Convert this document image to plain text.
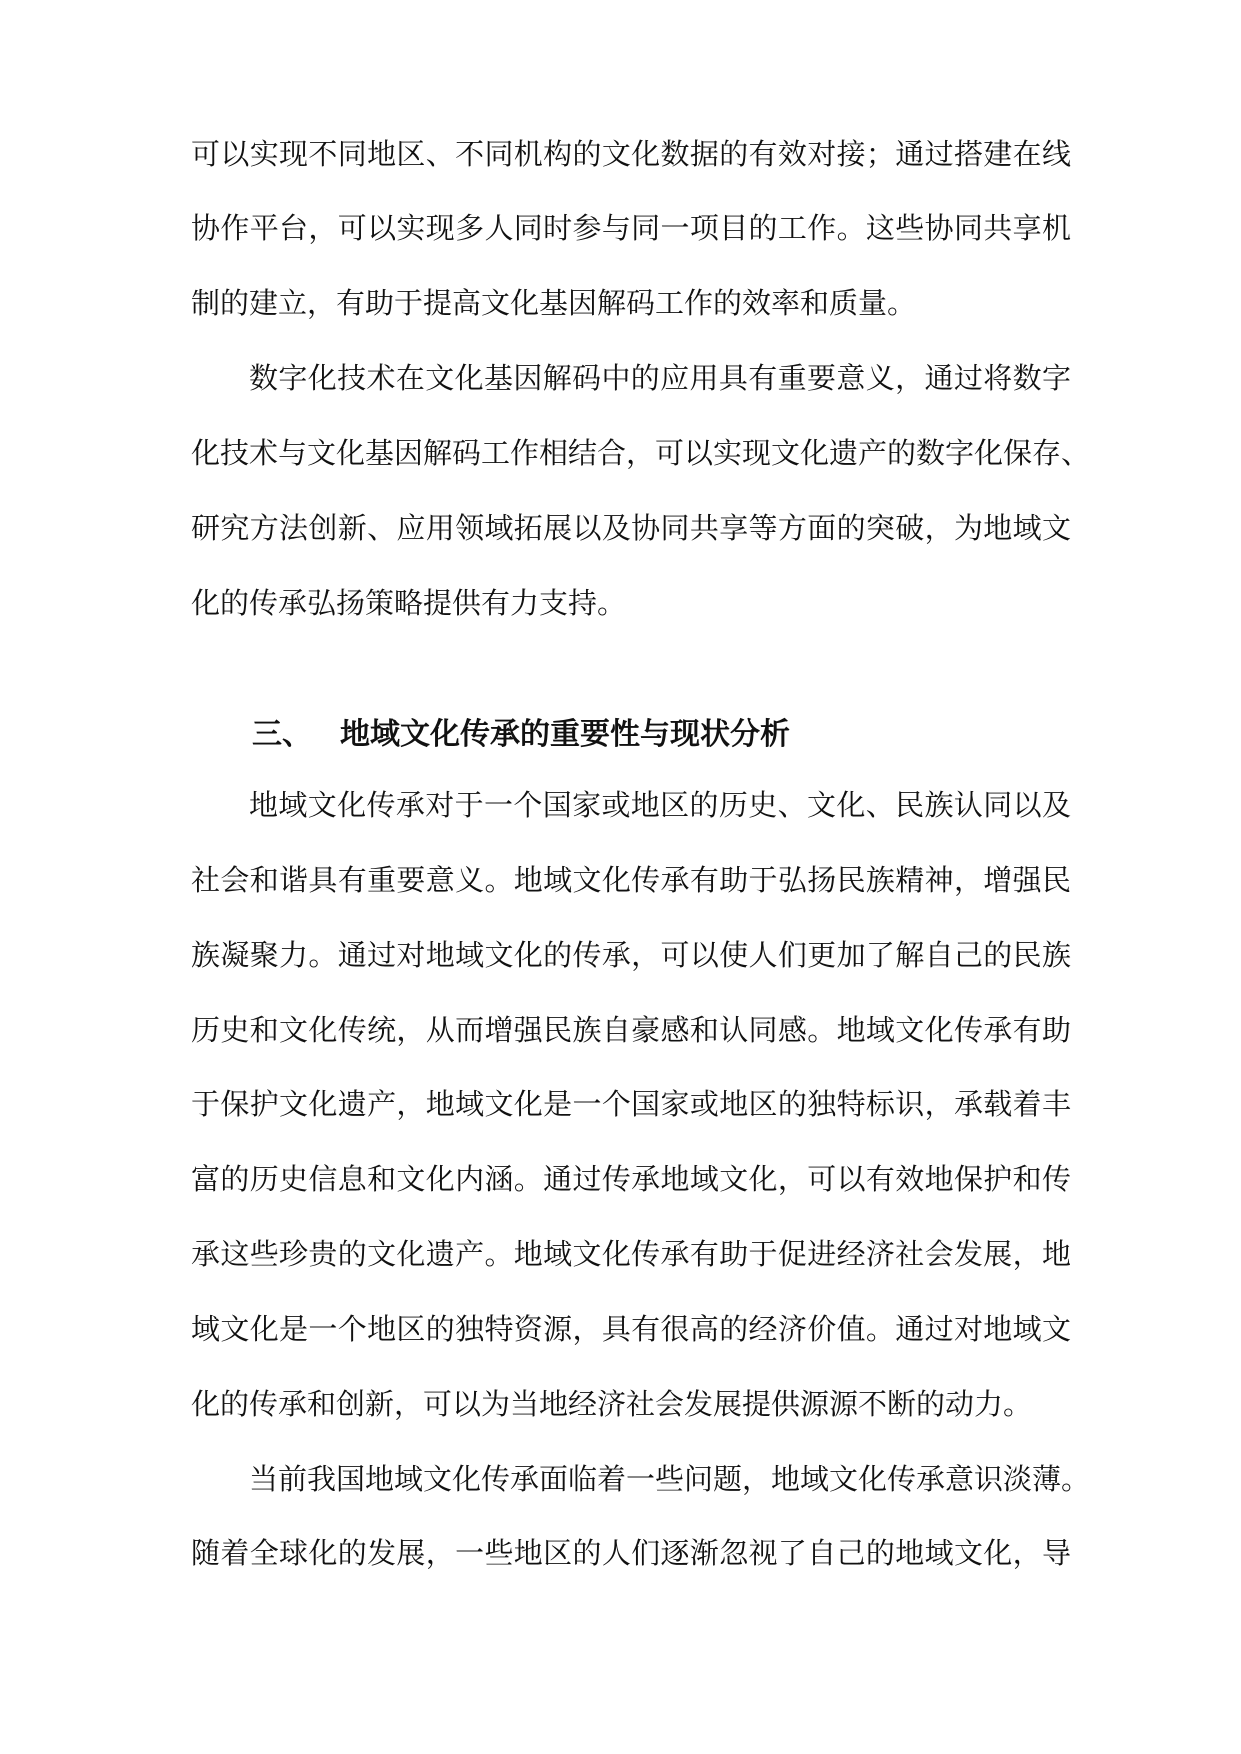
可以实现不同地区、不同机构的文化数据的有效对接；通过搭建在线
协作平台，可以实现多人同时参与同一项目的工作。这些协同共享机
制的建立，有助于提高文化基因解码工作的效率和质量。
数字化技术在文化基因解码中的应用具有重要意义，通过将数字
化技术与文化基因解码工作相结合，可以实现文化遗产的数字化保存、
研究方法创新、应用领域拓展以及协同共享等方面的突破，为地域文
化的传承弘扬策略提供有力支持。
三、 地域文化传承的重要性与现状分析
地域文化传承对于一个国家或地区的历史、文化、民族认同以及
社会和谐具有重要意义。地域文化传承有助于弘扬民族精神，增强民
族凝聚力。通过对地域文化的传承，可以使人们更加了解自己的民族
历史和文化传统，从而增强民族自豪感和认同感。地域文化传承有助
于保护文化遗产，地域文化是一个国家或地区的独特标识，承载着丰
富的历史信息和文化内涵。通过传承地域文化，可以有效地保护和传
承这些珍贵的文化遗产。地域文化传承有助于促进经济社会发展，地
域文化是一个地区的独特资源，具有很高的经济价值。通过对地域文
化的传承和创新，可以为当地经济社会发展提供源源不断的动力。
当前我国地域文化传承面临着一些问题，地域文化传承意识淡薄。
随着全球化的发展，一些地区的人们逐渐忽视了自己的地域文化，导
